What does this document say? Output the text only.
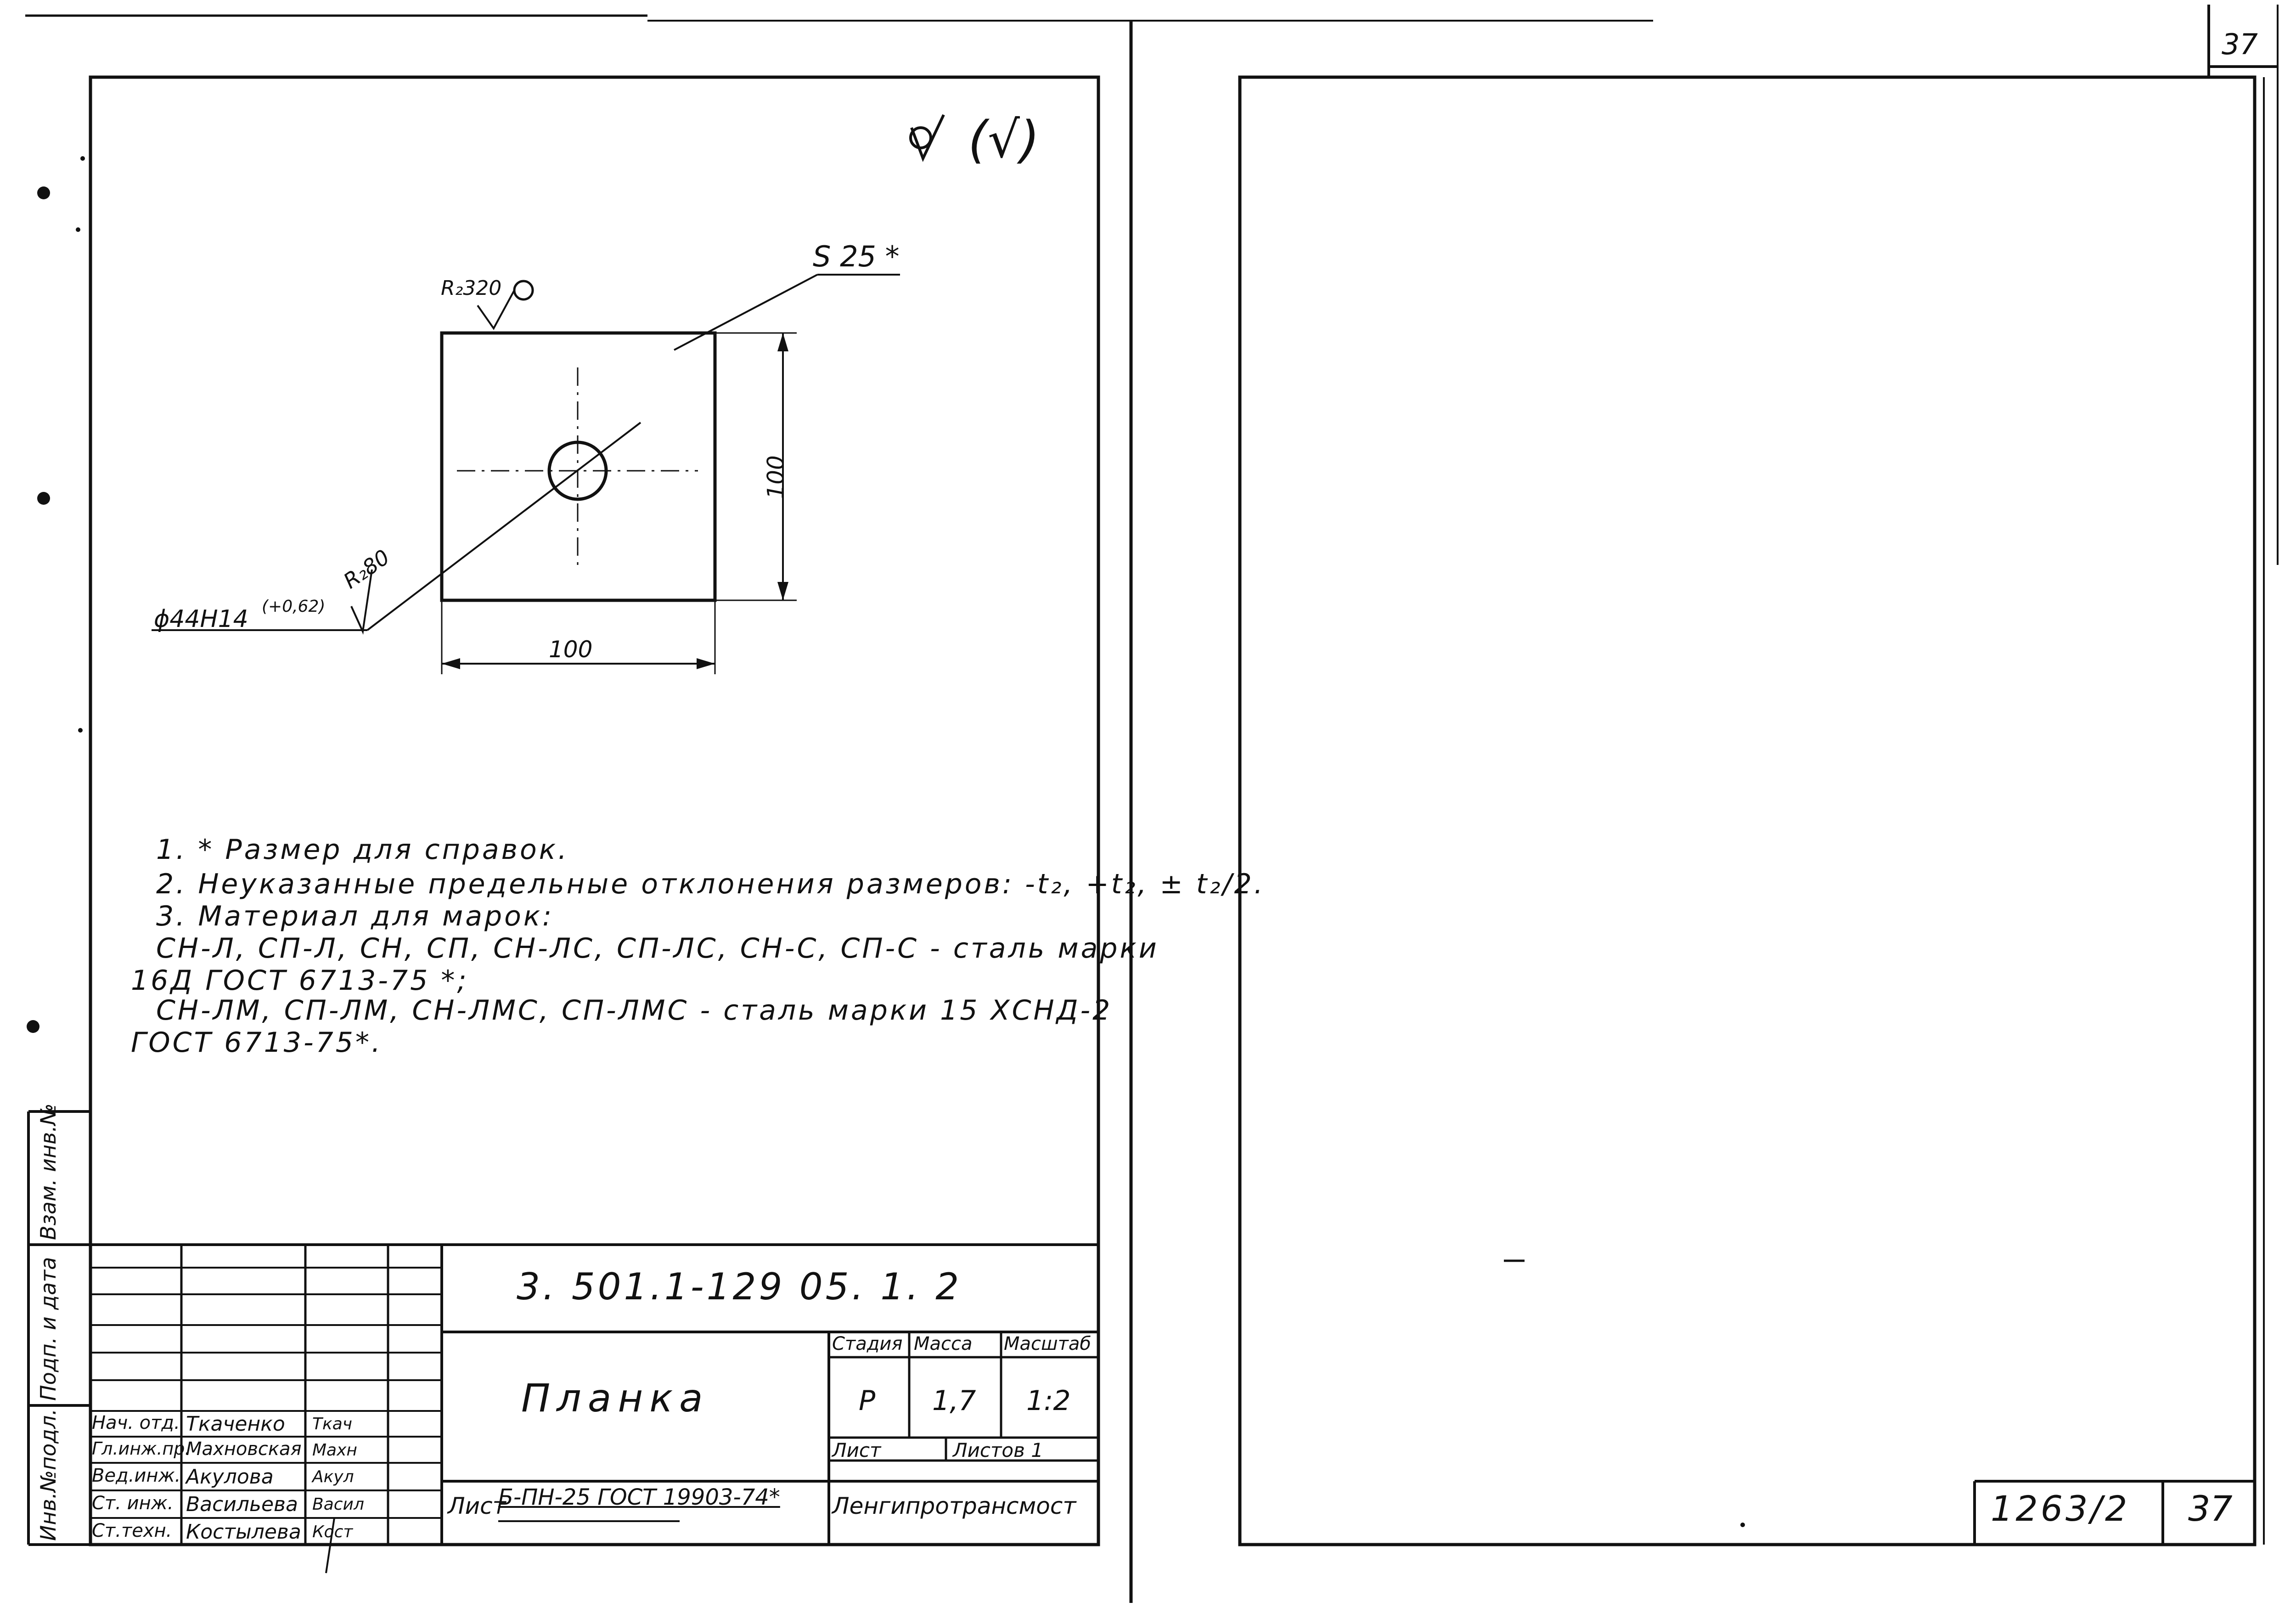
37
(√)
R₂320
S 25 *
100
100
R₂80
ϕ44H14 (+0,62)
1. * Размер для справок.
2. Неуказанные предельные отклонения размеров: -t₂, +t₂, ± t₂/2.
3. Материал для марок:
СН-Л, СП-Л, СН, СП, СН-ЛС, СП-ЛС, СН-С, СП-С - сталь марки
16Д ГОСТ 6713-75 *;
СН-ЛМ, СП-ЛМ, СН-ЛМС, СП-ЛМС - сталь марки 15 ХСНД-2
ГОСТ 6713-75*.
Инв.№подл.
Подп. и дата
Взам. инв.№
3. 501.1-129 05. 1. 2
Планка
Стадия Масса Масштаб
Р 1,7 1:2
Лист	Листов 1
Ленгипротрансмост
Лист
Б-ПН-25 ГОСТ 19903-74*
Нач. отд. Ткаченко Ткач
Гл.инж.пр.
Махновская Махн
Вед.инж. Акулова Акул
Ст. инж. Васильева Васил
Ст.техн. Костылева Кост
1263/2 37
